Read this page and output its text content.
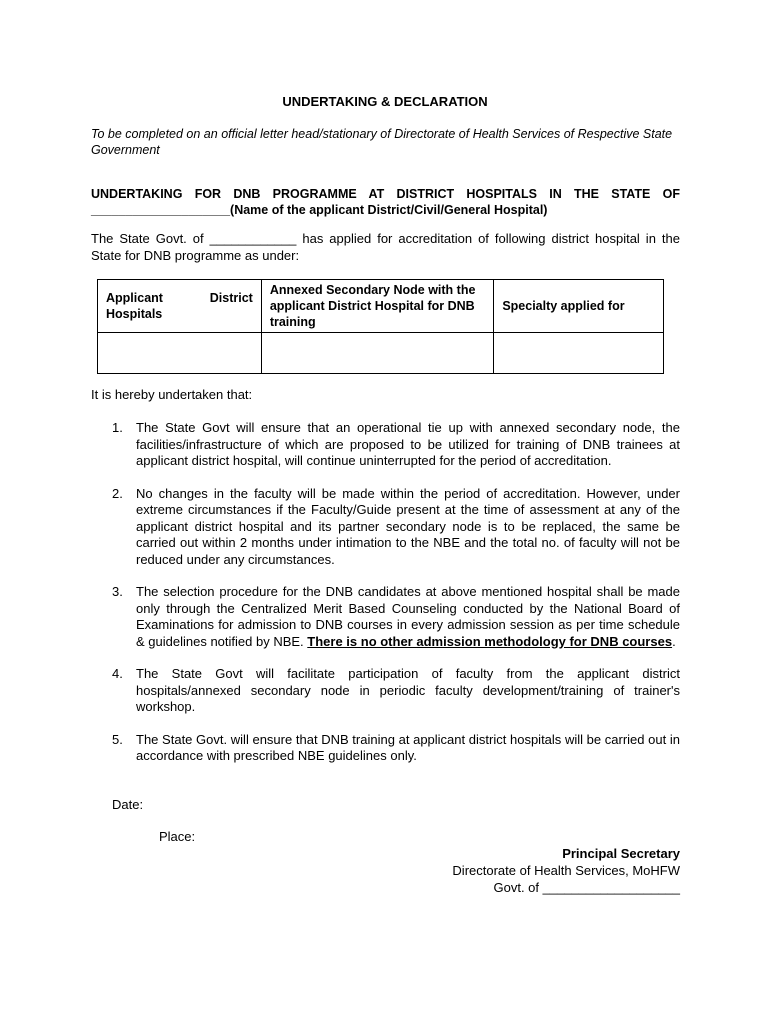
UNDERTAKING & DECLARATION
To be completed on an official letter head/stationary of Directorate of Health Services of Respective State Government
UNDERTAKING FOR DNB PROGRAMME AT DISTRICT HOSPITALS IN THE STATE OF ____________________(Name of the applicant District/Civil/General Hospital)
The State Govt. of ____________ has applied for accreditation of following district hospital in the State for DNB programme as under:
Applicant District
Hospitals	Annexed Secondary Node with the applicant District Hospital for DNB training	Specialty applied for

It is hereby undertaken that:
1. The State Govt will ensure that an operational tie up with annexed secondary node, the facilities/infrastructure of which are proposed to be utilized for training of DNB trainees at applicant district hospital, will continue uninterrupted for the period of accreditation.
2. No changes in the faculty will be made within the period of accreditation. However, under extreme circumstances if the Faculty/Guide present at the time of assessment at any of the applicant district hospital and its partner secondary node is to be replaced, the same be carried out within 2 months under intimation to the NBE and the total no. of faculty will not be reduced under any circumstances.
3. The selection procedure for the DNB candidates at above mentioned hospital shall be made only through the Centralized Merit Based Counseling conducted by the National Board of Examinations for admission to DNB courses in every admission session as per time schedule & guidelines notified by NBE. There is no other admission methodology for DNB courses.
4. The State Govt will facilitate participation of faculty from the applicant district hospitals/annexed secondary node in periodic faculty development/training of trainer's workshop.
5. The State Govt. will ensure that DNB training at applicant district hospitals will be carried out in accordance with prescribed NBE guidelines only.
Date:
Place:
Principal Secretary
Directorate of Health Services, MoHFW
Govt. of ___________________
